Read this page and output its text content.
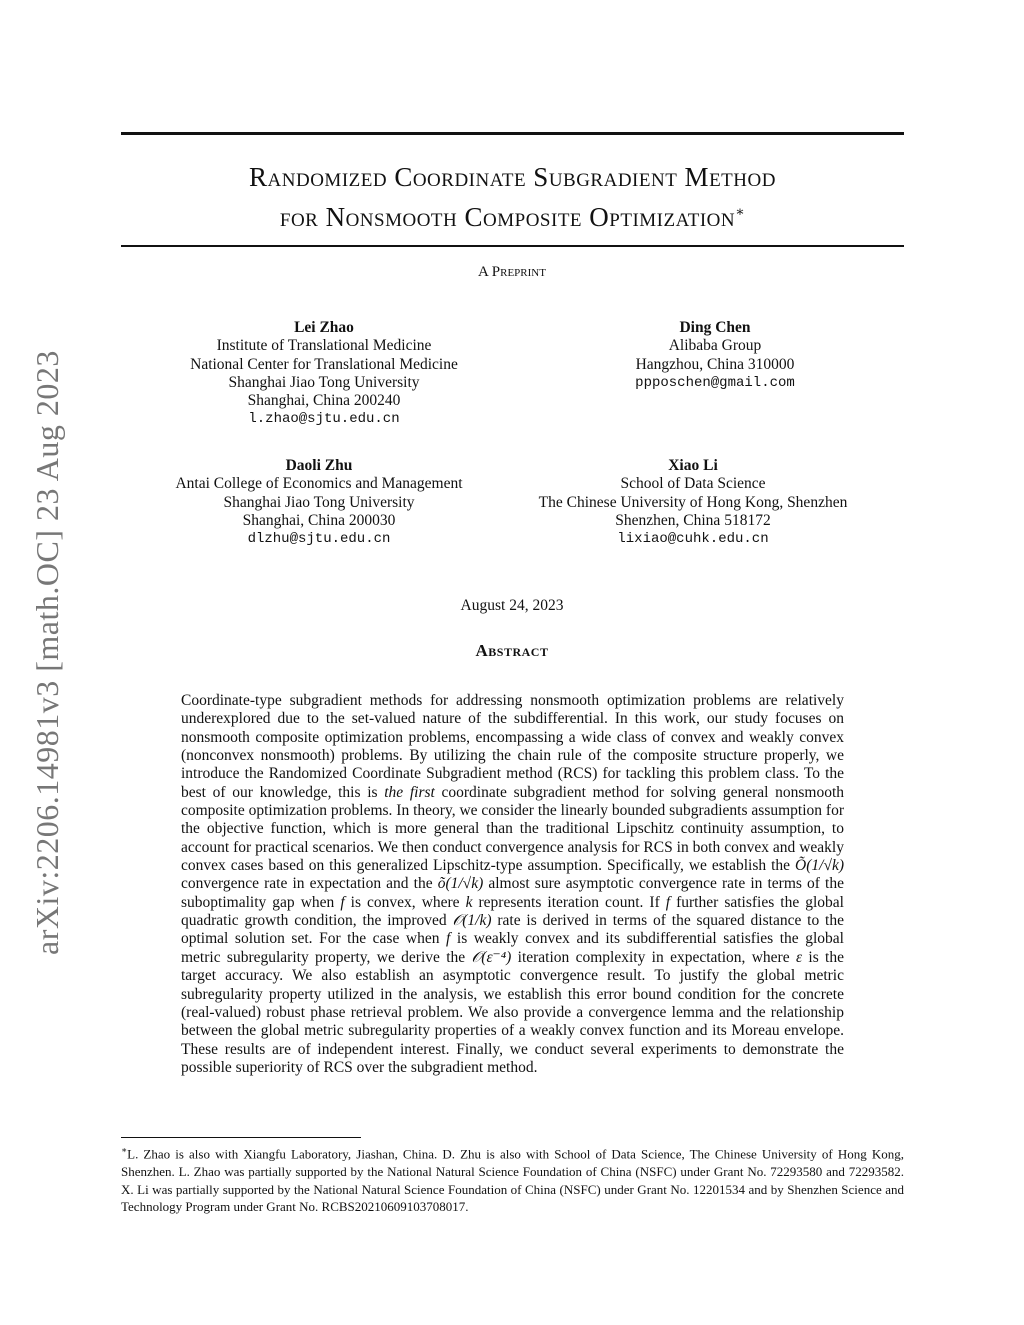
arXiv:2206.14981v3 [math.OC] 23 Aug 2023
Randomized Coordinate Subgradient Method
for Nonsmooth Composite Optimization∗
A Preprint
Lei Zhao
Institute of Translational Medicine
National Center for Translational Medicine
Shanghai Jiao Tong University
Shanghai, China 200240
l.zhao@sjtu.edu.cn
Ding Chen
Alibaba Group
Hangzhou, China 310000
ppposchen@gmail.com
Daoli Zhu
Antai College of Economics and Management
Shanghai Jiao Tong University
Shanghai, China 200030
dlzhu@sjtu.edu.cn
Xiao Li
School of Data Science
The Chinese University of Hong Kong, Shenzhen
Shenzhen, China 518172
lixiao@cuhk.edu.cn
August 24, 2023
Abstract

Coordinate-type subgradient methods for addressing nonsmooth optimization problems are relatively underexplored due to the set-valued nature of the subdifferential. In this work, our study focuses on nonsmooth composite optimization problems, encompassing a wide class of convex and weakly convex (nonconvex nonsmooth) problems. By utilizing the chain rule of the composite structure properly, we introduce the Randomized Coordinate Subgradient method (RCS) for tackling this problem class. To the best of our knowledge, this is the first coordinate subgradient method for solving general nonsmooth composite optimization problems. In theory, we consider the linearly bounded subgradients assumption for the objective function, which is more general than the traditional Lipschitz continuity assumption, to account for practical scenarios. We then conduct convergence analysis for RCS in both convex and weakly convex cases based on this generalized Lipschitz-type assumption. Specifically, we establish the Õ(1/√k) convergence rate in expectation and the õ(1/√k) almost sure asymptotic convergence rate in terms of the suboptimality gap when f is convex, where k represents iteration count. If f further satisfies the global quadratic growth condition, the improved 𝒪(1/k) rate is derived in terms of the squared distance to the optimal solution set. For the case when f is weakly convex and its subdifferential satisfies the global metric subregularity property, we derive the 𝒪(ε⁻⁴) iteration complexity in expectation, where ε is the target accuracy. We also establish an asymptotic convergence result. To justify the global metric subregularity property utilized in the analysis, we establish this error bound condition for the concrete (real-valued) robust phase retrieval problem. We also provide a convergence lemma and the relationship between the global metric subregularity properties of a weakly convex function and its Moreau envelope. These results are of independent interest. Finally, we conduct several experiments to demonstrate the possible superiority of RCS over the subgradient method.

∗L. Zhao is also with Xiangfu Laboratory, Jiashan, China. D. Zhu is also with School of Data Science, The Chinese University of Hong Kong, Shenzhen. L. Zhao was partially supported by the National Natural Science Foundation of China (NSFC) under Grant No. 72293580 and 72293582. X. Li was partially supported by the National Natural Science Foundation of China (NSFC) under Grant No. 12201534 and by Shenzhen Science and Technology Program under Grant No. RCBS20210609103708017.
